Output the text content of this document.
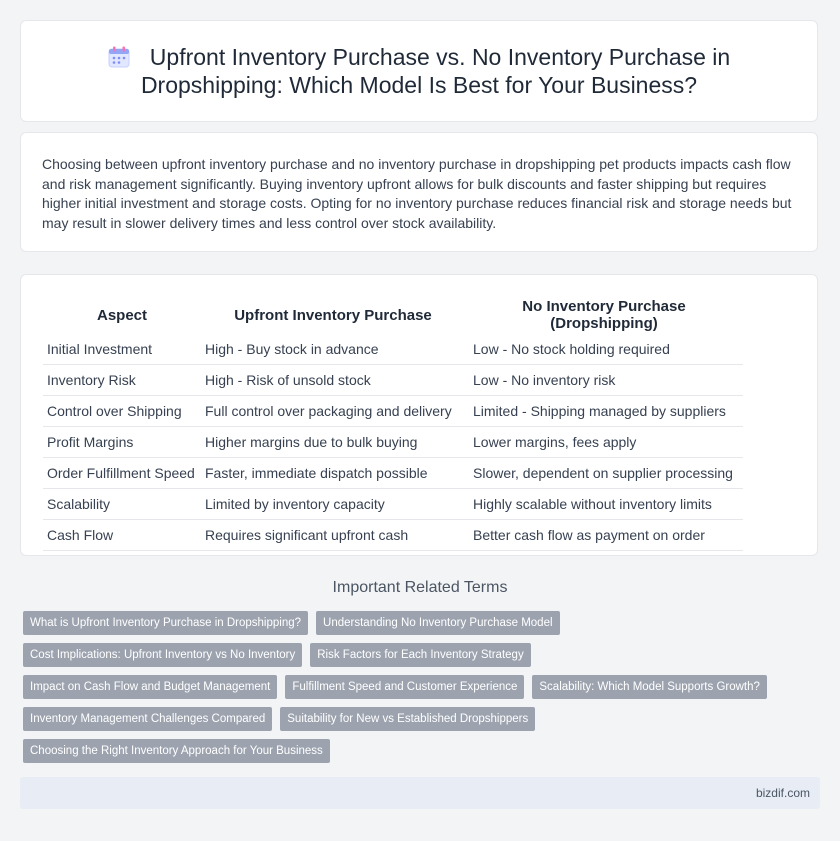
Upfront Inventory Purchase vs. No Inventory Purchase in Dropshipping: Which Model Is Best for Your Business?

Choosing between upfront inventory purchase and no inventory purchase in dropshipping pet products impacts cash flow and risk management significantly. Buying inventory upfront allows for bulk discounts and faster shipping but requires higher initial investment and storage costs. Opting for no inventory purchase reduces financial risk and storage needs but may result in slower delivery times and less control over stock availability.

Aspect	Upfront Inventory Purchase	No Inventory Purchase (Dropshipping)
Initial Investment	High - Buy stock in advance	Low - No stock holding required
Inventory Risk	High - Risk of unsold stock	Low - No inventory risk
Control over Shipping	Full control over packaging and delivery	Limited - Shipping managed by suppliers
Profit Margins	Higher margins due to bulk buying	Lower margins, fees apply
Order Fulfillment Speed	Faster, immediate dispatch possible	Slower, dependent on supplier processing
Scalability	Limited by inventory capacity	Highly scalable without inventory limits
Cash Flow	Requires significant upfront cash	Better cash flow as payment on order
Important Related Terms
What is Upfront Inventory Purchase in Dropshipping?	Understanding No Inventory Purchase Model
Cost Implications: Upfront Inventory vs No Inventory	Risk Factors for Each Inventory Strategy
Impact on Cash Flow and Budget Management	Fulfillment Speed and Customer Experience	Scalability: Which Model Supports Growth?
Inventory Management Challenges Compared	Suitability for New vs Established Dropshippers
Choosing the Right Inventory Approach for Your Business
bizdif.com
